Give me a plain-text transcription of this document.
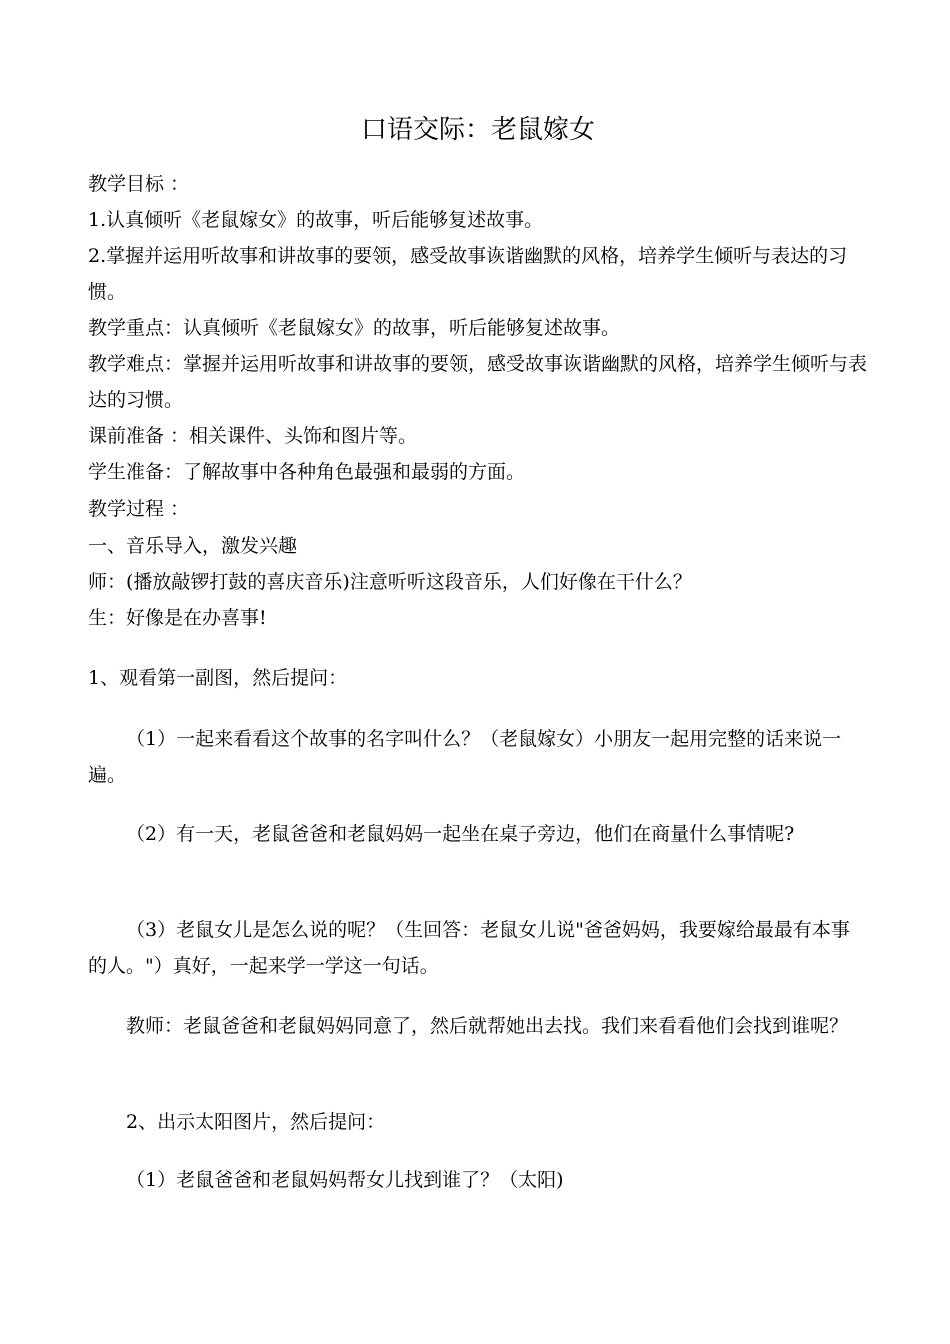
口语交际：老鼠嫁女

教学目标 ：

1.认真倾听《老鼠嫁女》的故事，听后能够复述故事。

2.掌握并运用听故事和讲故事的要领，感受故事诙谐幽默的风格，培养学生倾听与表达的习惯。

教学重点：认真倾听《老鼠嫁女》的故事，听后能够复述故事。

教学难点：掌握并运用听故事和讲故事的要领，感受故事诙谐幽默的风格，培养学生倾听与表达的习惯。

课前准备 ：相关课件、头饰和图片等。

学生准备：了解故事中各种角色最强和最弱的方面。

教学过程 ：

一、音乐导入，激发兴趣

师：(播放敲锣打鼓的喜庆音乐)注意听听这段音乐，人们好像在干什么？

生：好像是在办喜事!

1、观看第一副图，然后提问：

（1）一起来看看这个故事的名字叫什么？（老鼠嫁女）小朋友一起用完整的话来说一遍。

（2）有一天，老鼠爸爸和老鼠妈妈一起坐在桌子旁边，他们在商量什么事情呢?

（3）老鼠女儿是怎么说的呢？（生回答：老鼠女儿说"爸爸妈妈，我要嫁给最最有本事的人。"）真好，一起来学一学这一句话。

教师：老鼠爸爸和老鼠妈妈同意了，然后就帮她出去找。我们来看看他们会找到谁呢？

2、出示太阳图片，然后提问：

（1）老鼠爸爸和老鼠妈妈帮女儿找到谁了？（太阳)
